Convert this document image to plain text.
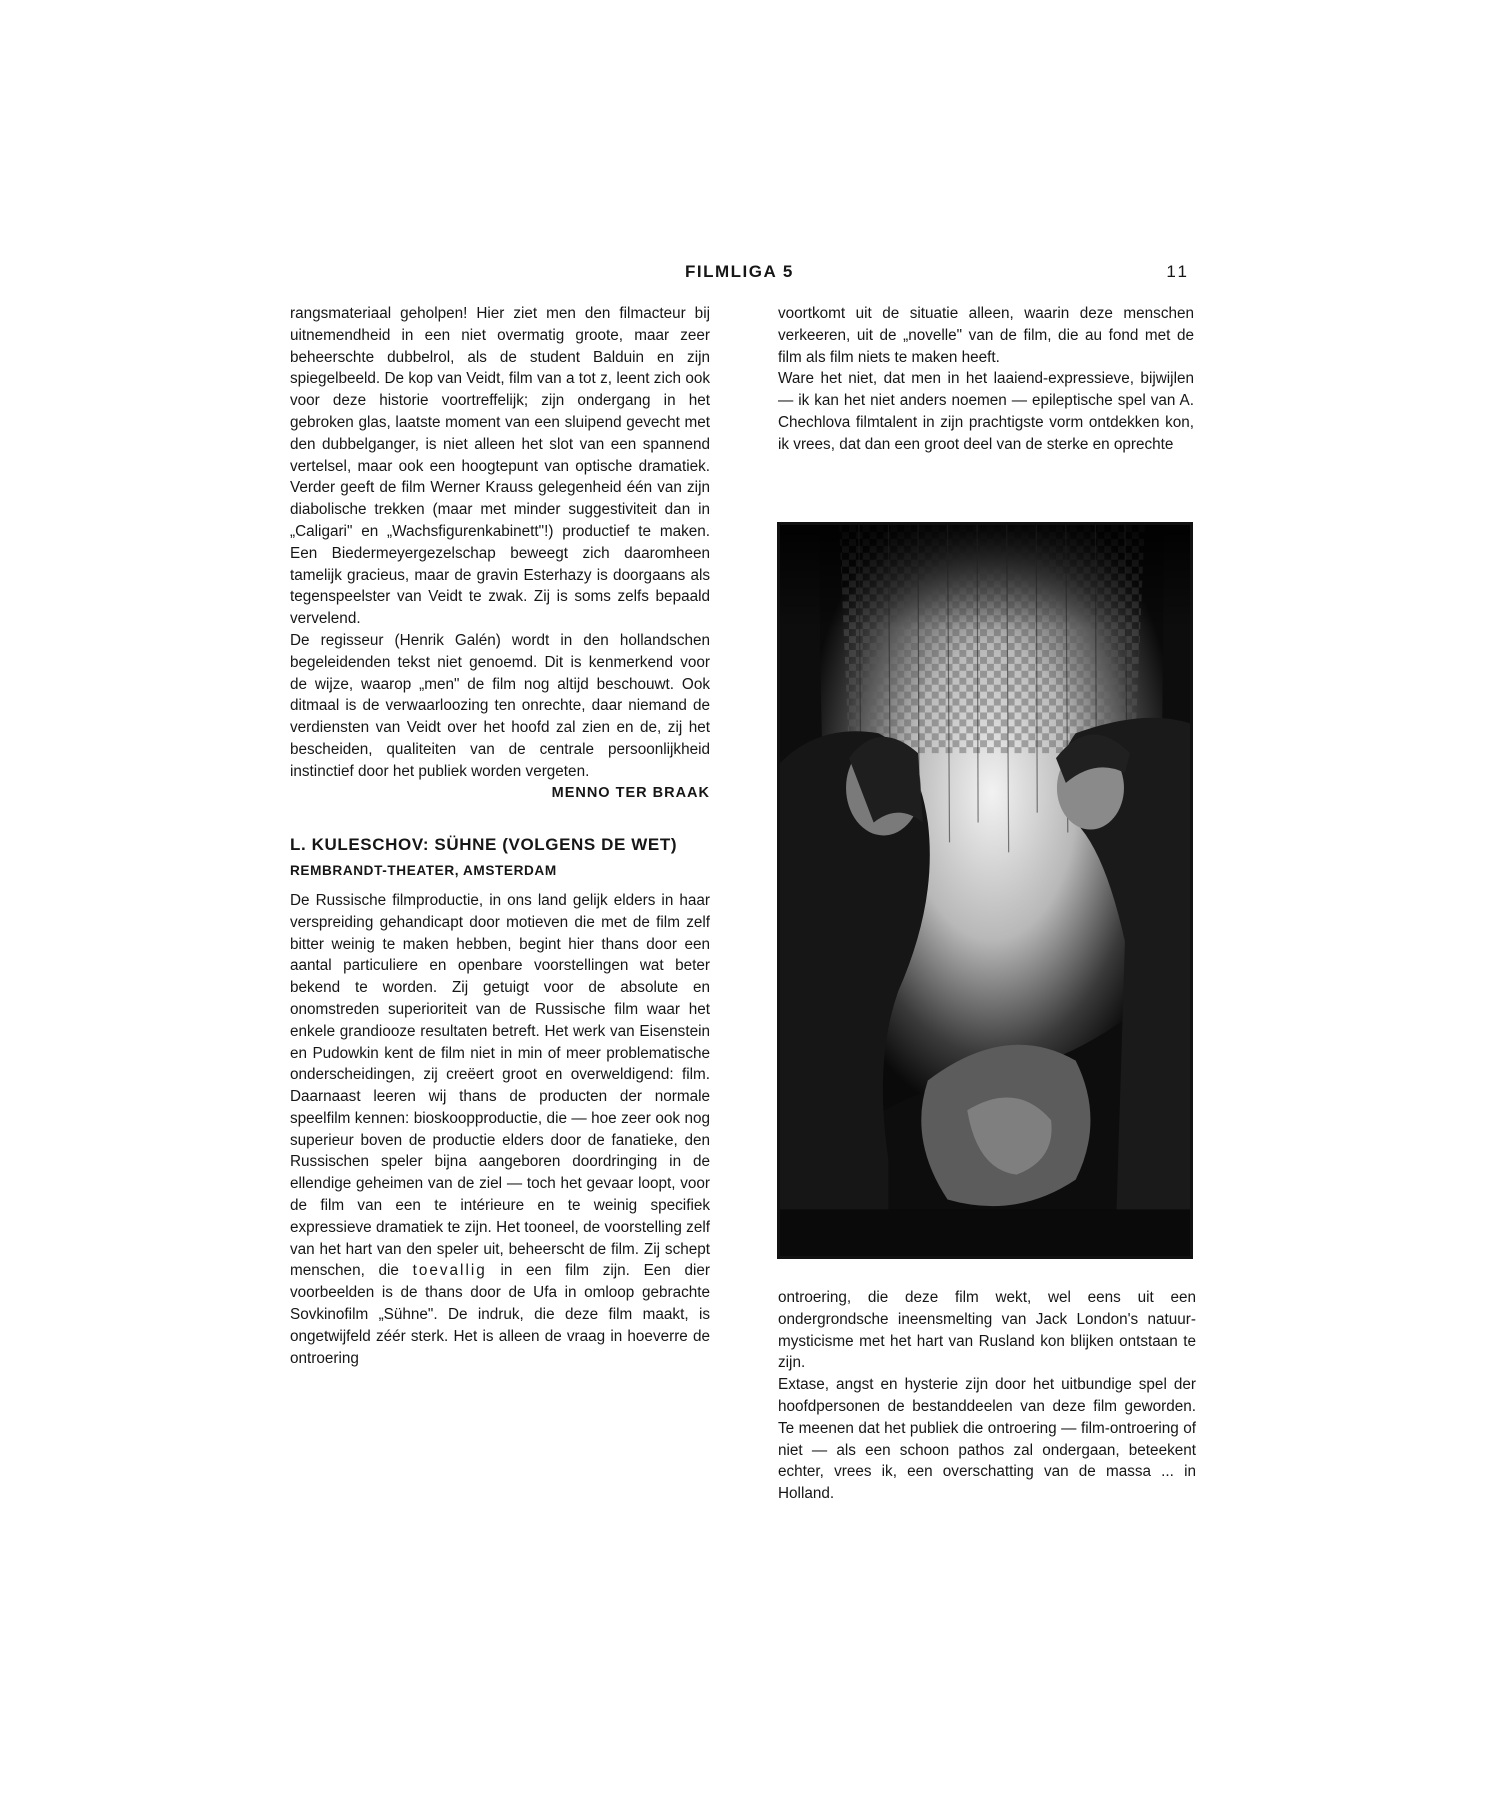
FILMLIGA 5	11

rangsmateriaal geholpen! Hier ziet men den filmacteur bij uitnemendheid in een niet overmatig groote, maar zeer beheerschte dubbelrol, als de student Balduin en zijn spiegelbeeld. De kop van Veidt, film van a tot z, leent zich ook voor deze historie voortreffelijk; zijn ondergang in het gebroken glas, laatste moment van een sluipend gevecht met den dubbelganger, is niet alleen het slot van een spannend vertelsel, maar ook een hoogtepunt van optische dramatiek. Verder geeft de film Werner Krauss gelegenheid één van zijn diabolische trekken (maar met minder suggestiviteit dan in „Caligari" en „Wachsfigurenkabinett"!) productief te maken. Een Biedermeyergezelschap beweegt zich daaromheen tamelijk gracieus, maar de gravin Esterhazy is doorgaans als tegenspeelster van Veidt te zwak. Zij is soms zelfs bepaald vervelend.

De regisseur (Henrik Galén) wordt in den hollandschen begeleidenden tekst niet genoemd. Dit is kenmerkend voor de wijze, waarop „men" de film nog altijd beschouwt. Ook ditmaal is de verwaarloozing ten onrechte, daar niemand de verdiensten van Veidt over het hoofd zal zien en de, zij het bescheiden, qualiteiten van de centrale persoonlijkheid instinctief door het publiek worden vergeten.

MENNO TER BRAAK

L. KULESCHOV: SÜHNE (VOLGENS DE WET)
REMBRANDT-THEATER, AMSTERDAM

De Russische filmproductie, in ons land gelijk elders in haar verspreiding gehandicapt door motieven die met de film zelf bitter weinig te maken hebben, begint hier thans door een aantal particuliere en openbare voorstellingen wat beter bekend te worden. Zij getuigt voor de absolute en onomstreden superioriteit van de Russische film waar het enkele grandiooze resultaten betreft. Het werk van Eisenstein en Pudowkin kent de film niet in min of meer problematische onderscheidingen, zij creëert groot en overweldigend: film. Daarnaast leeren wij thans de producten der normale speelfilm kennen: bioskoopproductie, die — hoe zeer ook nog superieur boven de productie elders door de fanatieke, den Russischen speler bijna aangeboren doordringing in de ellendige geheimen van de ziel — toch het gevaar loopt, voor de film van een te intérieure en te weinig specifiek expressieve dramatiek te zijn. Het tooneel, de voorstelling zelf van het hart van den speler uit, beheerscht de film. Zij schept menschen, die toevallig in een film zijn. Een dier voorbeelden is de thans door de Ufa in omloop gebrachte Sovkinofilm „Sühne". De indruk, die deze film maakt, is ongetwijfeld zéér sterk. Het is alleen de vraag in hoeverre de ontroering

voortkomt uit de situatie alleen, waarin deze menschen verkeeren, uit de „novelle" van de film, die au fond met de film als film niets te maken heeft.

Ware het niet, dat men in het laaiend-expressieve, bijwijlen — ik kan het niet anders noemen — epileptische spel van A. Chechlova filmtalent in zijn prachtigste vorm ontdekken kon, ik vrees, dat dan een groot deel van de sterke en oprechte

ontroering, die deze film wekt, wel eens uit een ondergrondsche ineensmelting van Jack London's natuur-mysticisme met het hart van Rusland kon blijken ontstaan te zijn.

Extase, angst en hysterie zijn door het uitbundige spel der hoofdpersonen de bestanddeelen van deze film geworden. Te meenen dat het publiek die ontroering — film-ontroering of niet — als een schoon pathos zal ondergaan, beteekent echter, vrees ik, een overschatting van de massa ... in Holland.
